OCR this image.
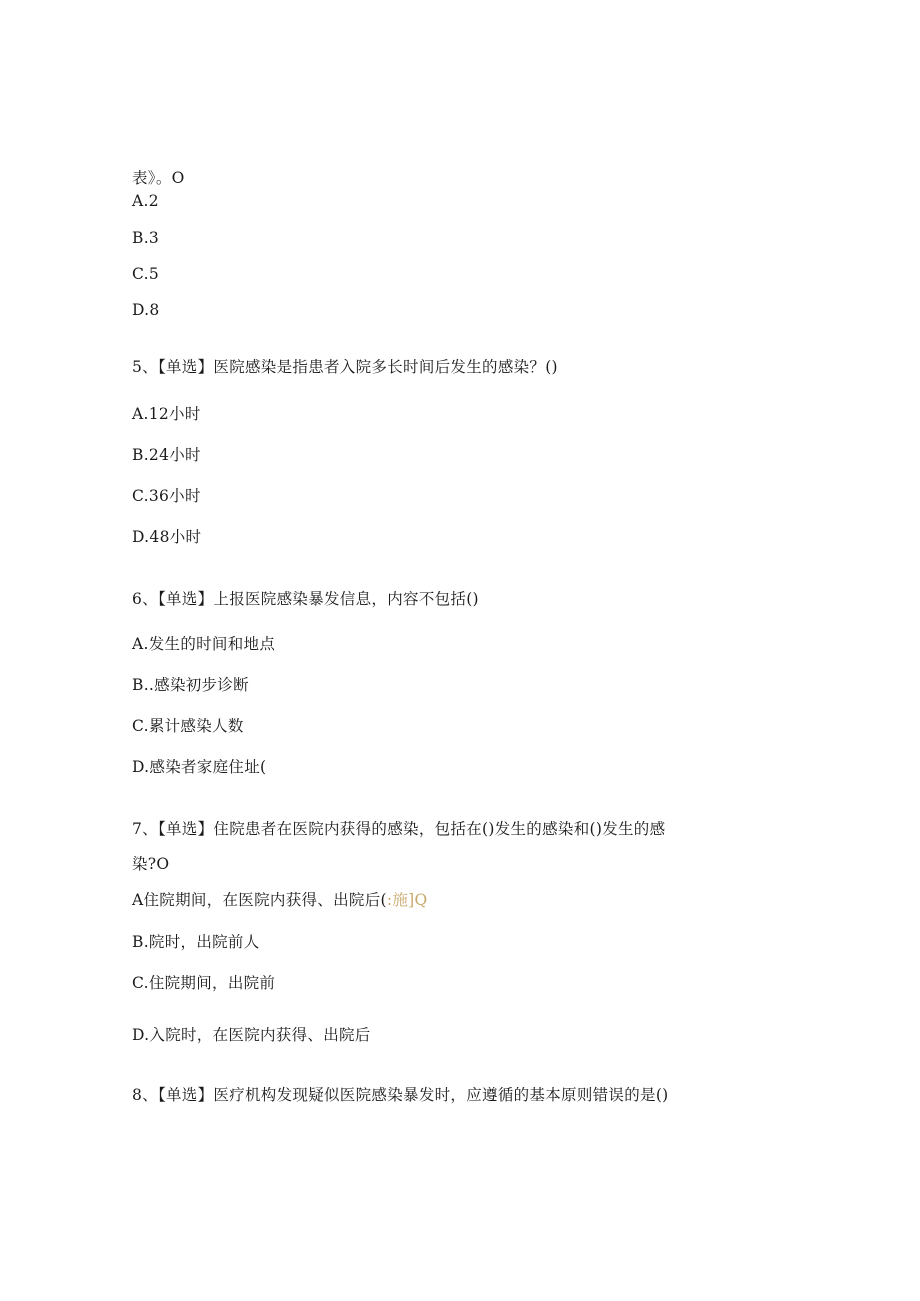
表》。O
A.2
B.3
C.5
D.8
5、【单选】医院感染是指患者入院多长时间后发生的感染？()
A.12小时
B.24小时
C.36小时
D.48小时
6、【单选】上报医院感染暴发信息，内容不包括()
A.发生的时间和地点
B..感染初步诊断
C.累计感染人数
D.感染者家庭住址(
7、【单选】住院患者在医院内获得的感染，包括在()发生的感染和()发生的感
染?O
A住院期间，在医院内获得、出院后(:施]Q
B.院时，出院前人
C.住院期间，出院前
D.入院时，在医院内获得、出院后
8、【单选】医疗机构发现疑似医院感染暴发时，应遵循的基本原则错误的是()
